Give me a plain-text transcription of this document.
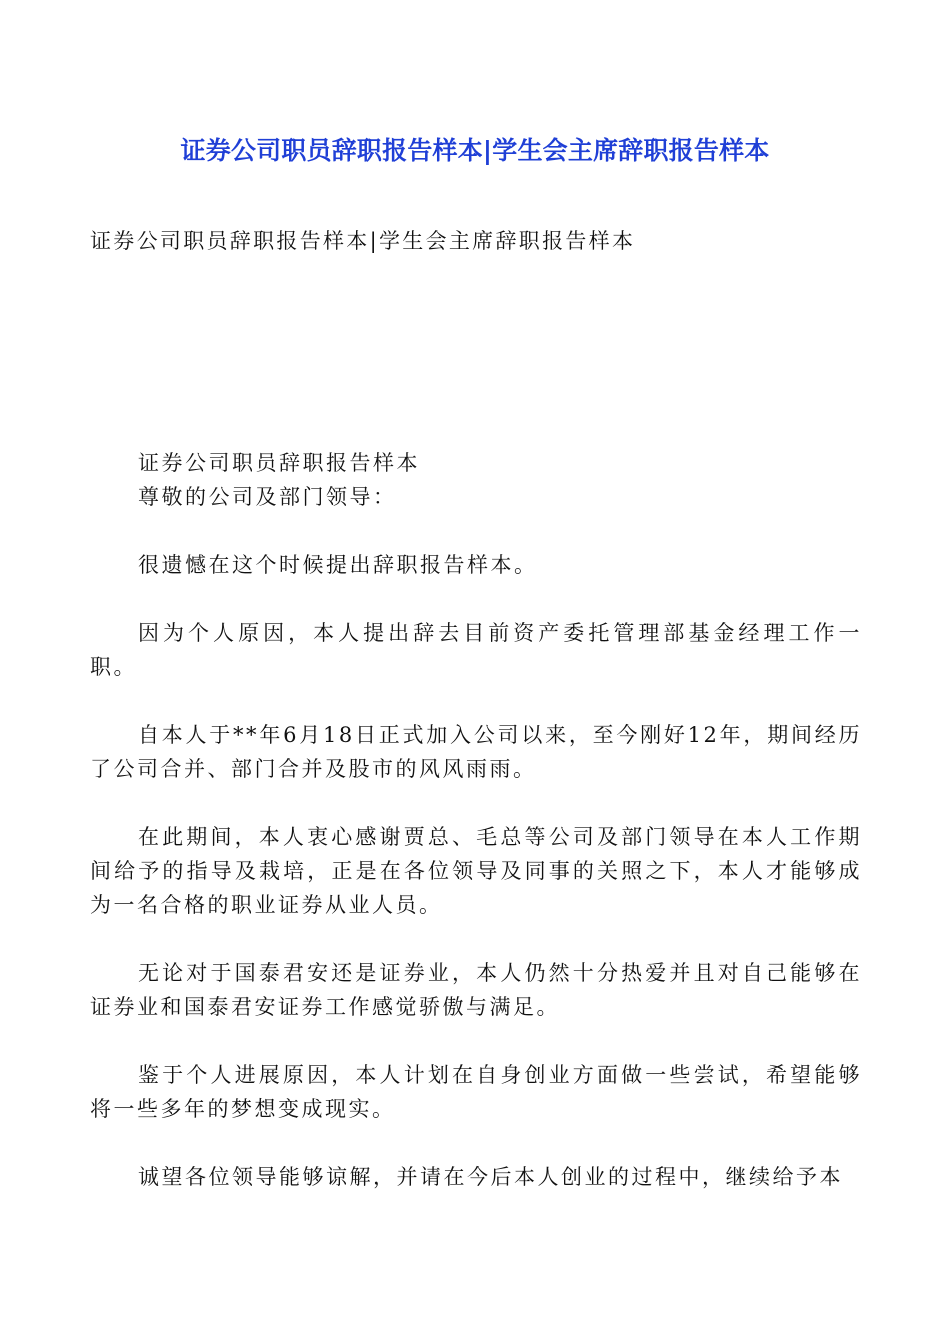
证券公司职员辞职报告样本|学生会主席辞职报告样本

证券公司职员辞职报告样本|学生会主席辞职报告样本

证券公司职员辞职报告样本

尊敬的公司及部门领导：

很遗憾在这个时候提出辞职报告样本。

因为个人原因，本人提出辞去目前资产委托管理部基金经理工作一职。

自本人于**年6月18日正式加入公司以来，至今刚好12年，期间经历了公司合并、部门合并及股市的风风雨雨。

在此期间，本人衷心感谢贾总、毛总等公司及部门领导在本人工作期间给予的指导及栽培，正是在各位领导及同事的关照之下，本人才能够成为一名合格的职业证券从业人员。

无论对于国泰君安还是证券业，本人仍然十分热爱并且对自己能够在证券业和国泰君安证券工作感觉骄傲与满足。

鉴于个人进展原因，本人计划在自身创业方面做一些尝试，希望能够将一些多年的梦想变成现实。

诚望各位领导能够谅解，并请在今后本人创业的过程中，继续给予本
